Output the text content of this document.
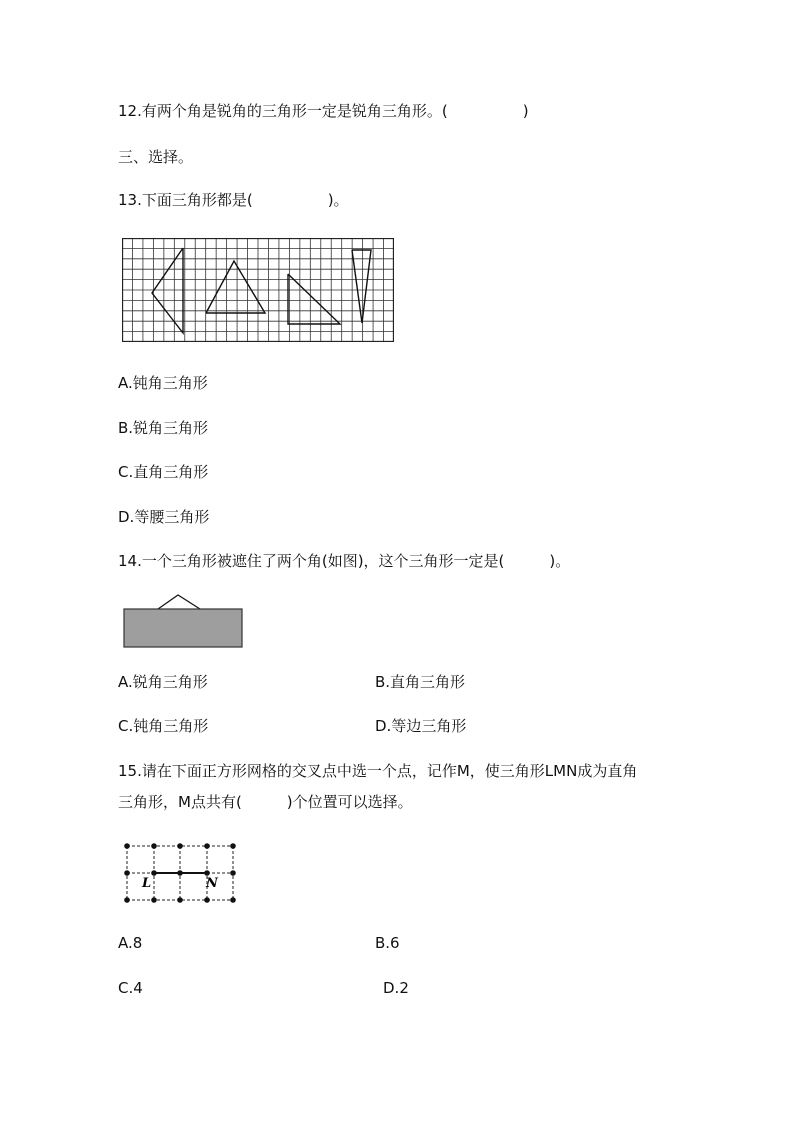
12.有两个角是锐角的三角形一定是锐角三角形。(　　　　　)
三、选择。
13.下面三角形都是(　　　　　)。
A.钝角三角形
B.锐角三角形
C.直角三角形
D.等腰三角形
14.一个三角形被遮住了两个角(如图)，这个三角形一定是(　　　)。
A.锐角三角形	B.直角三角形
C.钝角三角形	D.等边三角形
15.请在下面正方形网格的交叉点中选一个点，记作M，使三角形LMN成为直角
三角形，M点共有(　　　)个位置可以选择。
L	N
A.8	B.6
C.4	D.2
